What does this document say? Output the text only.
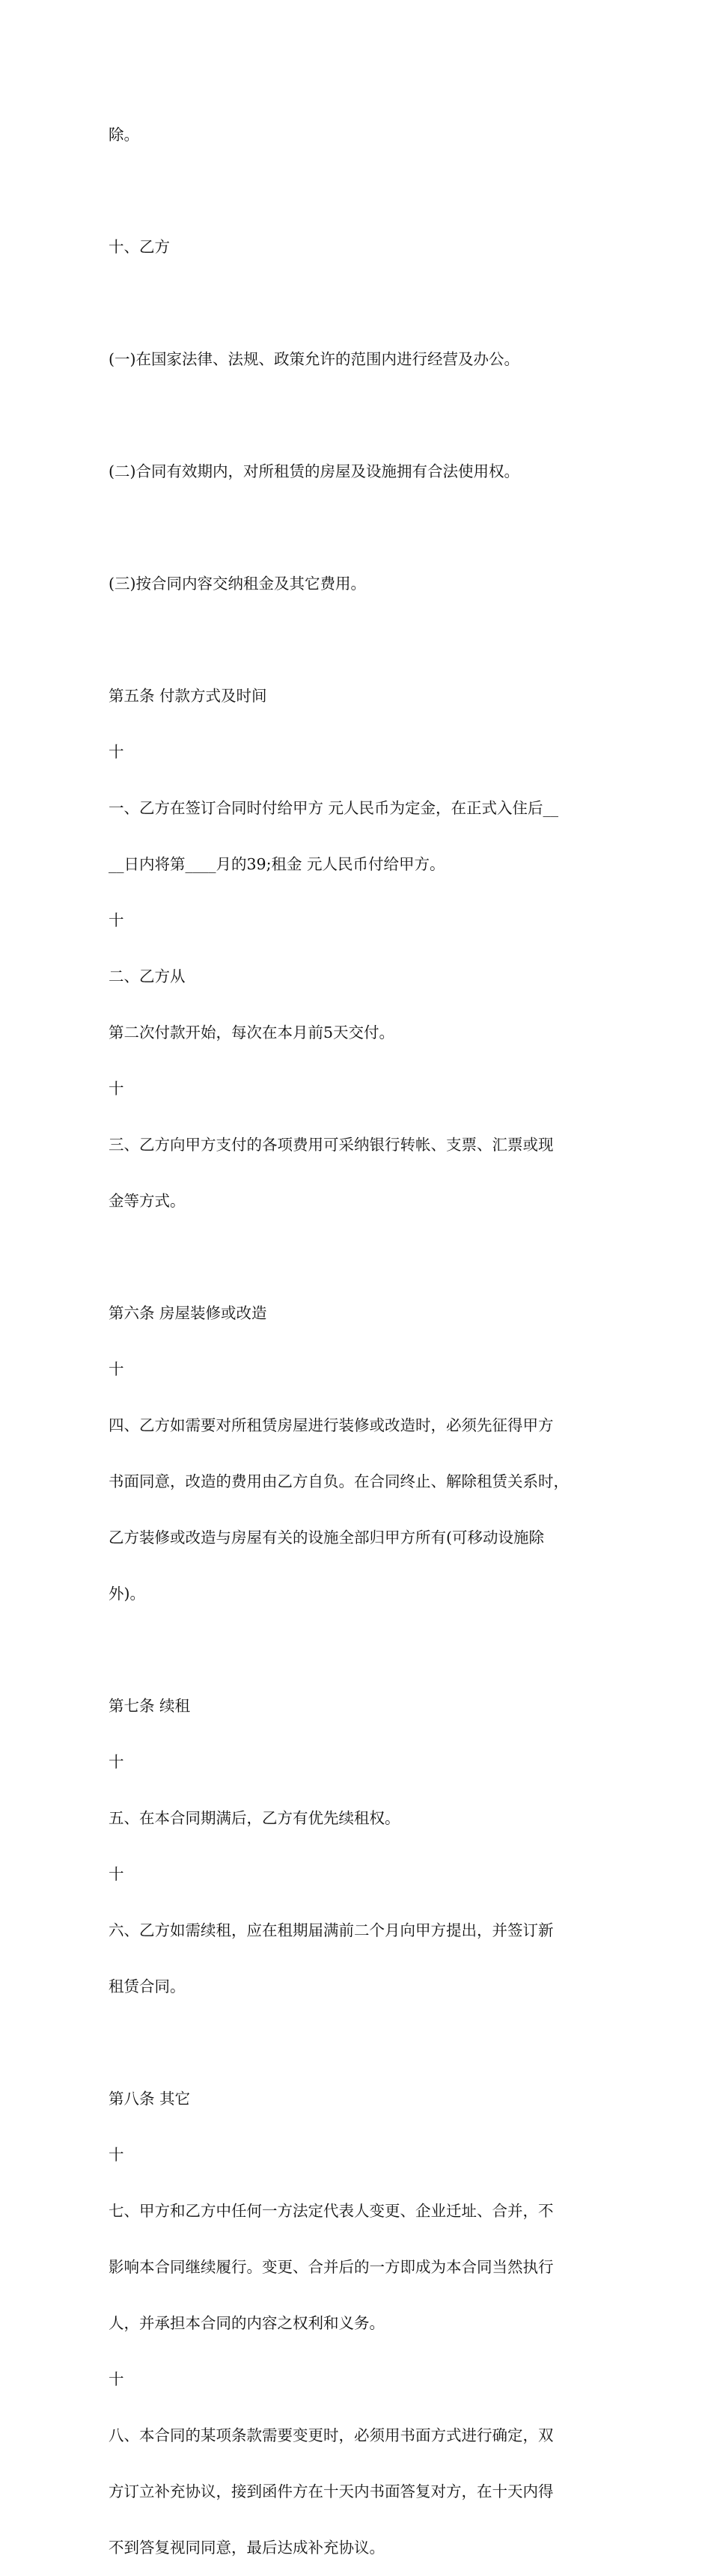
除。

十、乙方

(一)在国家法律、法规、政策允许的范围内进行经营及办公。

(二)合同有效期内，对所租赁的房屋及设施拥有合法使用权。

(三)按合同内容交纳租金及其它费用。

第五条 付款方式及时间

十

一、乙方在签订合同时付给甲方 元人民币为定金，在正式入住后__

__日内将第____月的39;租金 元人民币付给甲方。

十

二、乙方从

第二次付款开始，每次在本月前5天交付。

十

三、乙方向甲方支付的各项费用可采纳银行转帐、支票、汇票或现

金等方式。

第六条 房屋装修或改造

十

四、乙方如需要对所租赁房屋进行装修或改造时，必须先征得甲方

书面同意，改造的费用由乙方自负。在合同终止、解除租赁关系时，

乙方装修或改造与房屋有关的设施全部归甲方所有(可移动设施除

外)。

第七条 续租

十

五、在本合同期满后，乙方有优先续租权。

十

六、乙方如需续租，应在租期届满前二个月向甲方提出，并签订新

租赁合同。

第八条 其它

十

七、甲方和乙方中任何一方法定代表人变更、企业迁址、合并，不

影响本合同继续履行。变更、合并后的一方即成为本合同当然执行

人，并承担本合同的内容之权利和义务。

十

八、本合同的某项条款需要变更时，必须用书面方式进行确定，双

方订立补充协议，接到函件方在十天内书面答复对方，在十天内得

不到答复视同同意，最后达成补充协议。
